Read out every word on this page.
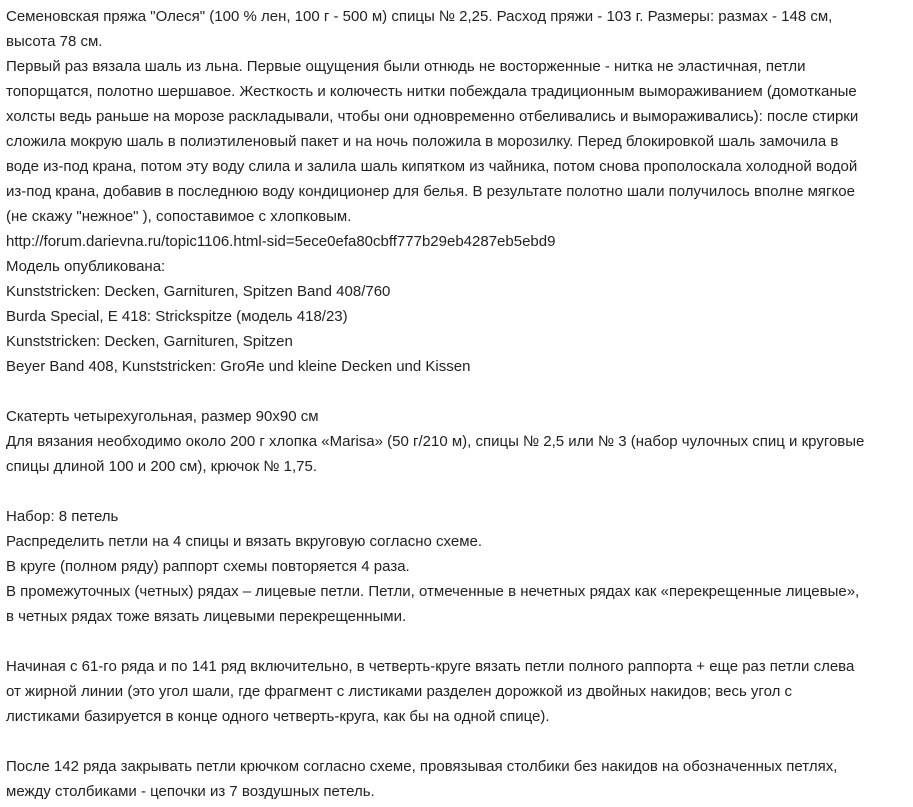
Семеновская пряжа "Олеся" (100 % лен, 100 г - 500 м) спицы № 2,25. Расход пряжи - 103 г. Размеры: размах - 148 см,

высота 78 см.

Первый раз вязала шаль из льна. Первые ощущения были отнюдь не восторженные - нитка не эластичная, петли

топорщатся, полотно шершавое. Жесткость и колючесть нитки побеждала традиционным вымораживанием (домотканые

холсты ведь раньше на морозе раскладывали, чтобы они одновременно отбеливались и вымораживались): после стирки

сложила мокрую шаль в полиэтиленовый пакет и на ночь положила в морозилку. Перед блокировкой шаль замочила в

воде из-под крана, потом эту воду слила и залила шаль кипятком из чайника, потом снова прополоскала холодной водой

из-под крана, добавив в последнюю воду кондиционер для белья. В результате полотно шали получилось вполне мягкое

(не скажу "нежное" ), сопоставимое с хлопковым.

http://forum.darievna.ru/topic1106.html-sid=5ece0efa80cbff777b29eb4287eb5ebd9

Модель опубликована:

Kunststricken: Decken, Garnituren, Spitzen Band 408/760

Burda Special, E 418: Strickspitze (модель 418/23)

Kunststricken: Decken, Garnituren, Spitzen

Beyer Band 408, Kunststricken: GroЯe und kleine Decken und Kissen

Скатерть четырехугольная, размер 90х90 см

Для вязания необходимо около 200 г хлопка «Marisa» (50 г/210 м), спицы № 2,5 или № 3 (набор чулочных спиц и круговые

спицы длиной 100 и 200 см), крючок № 1,75.

Набор: 8 петель

Распределить петли на 4 спицы и вязать вкруговую согласно схеме.

В круге (полном ряду) раппорт схемы повторяется 4 раза.

В промежуточных (четных) рядах – лицевые петли. Петли, отмеченные в нечетных рядах как «перекрещенные лицевые»,

в четных рядах тоже вязать лицевыми перекрещенными.

Начиная с 61-го ряда и по 141 ряд включительно, в четверть-круге вязать петли полного раппорта + еще раз петли слева

от жирной линии (это угол шали, где фрагмент с листиками разделен дорожкой из двойных накидов; весь угол с

листиками базируется в конце одного четверть-круга, как бы на одной спице).

После 142 ряда закрывать петли крючком согласно схеме, провязывая столбики без накидов на обозначенных петлях,

между столбиками - цепочки из 7 воздушных петель.
